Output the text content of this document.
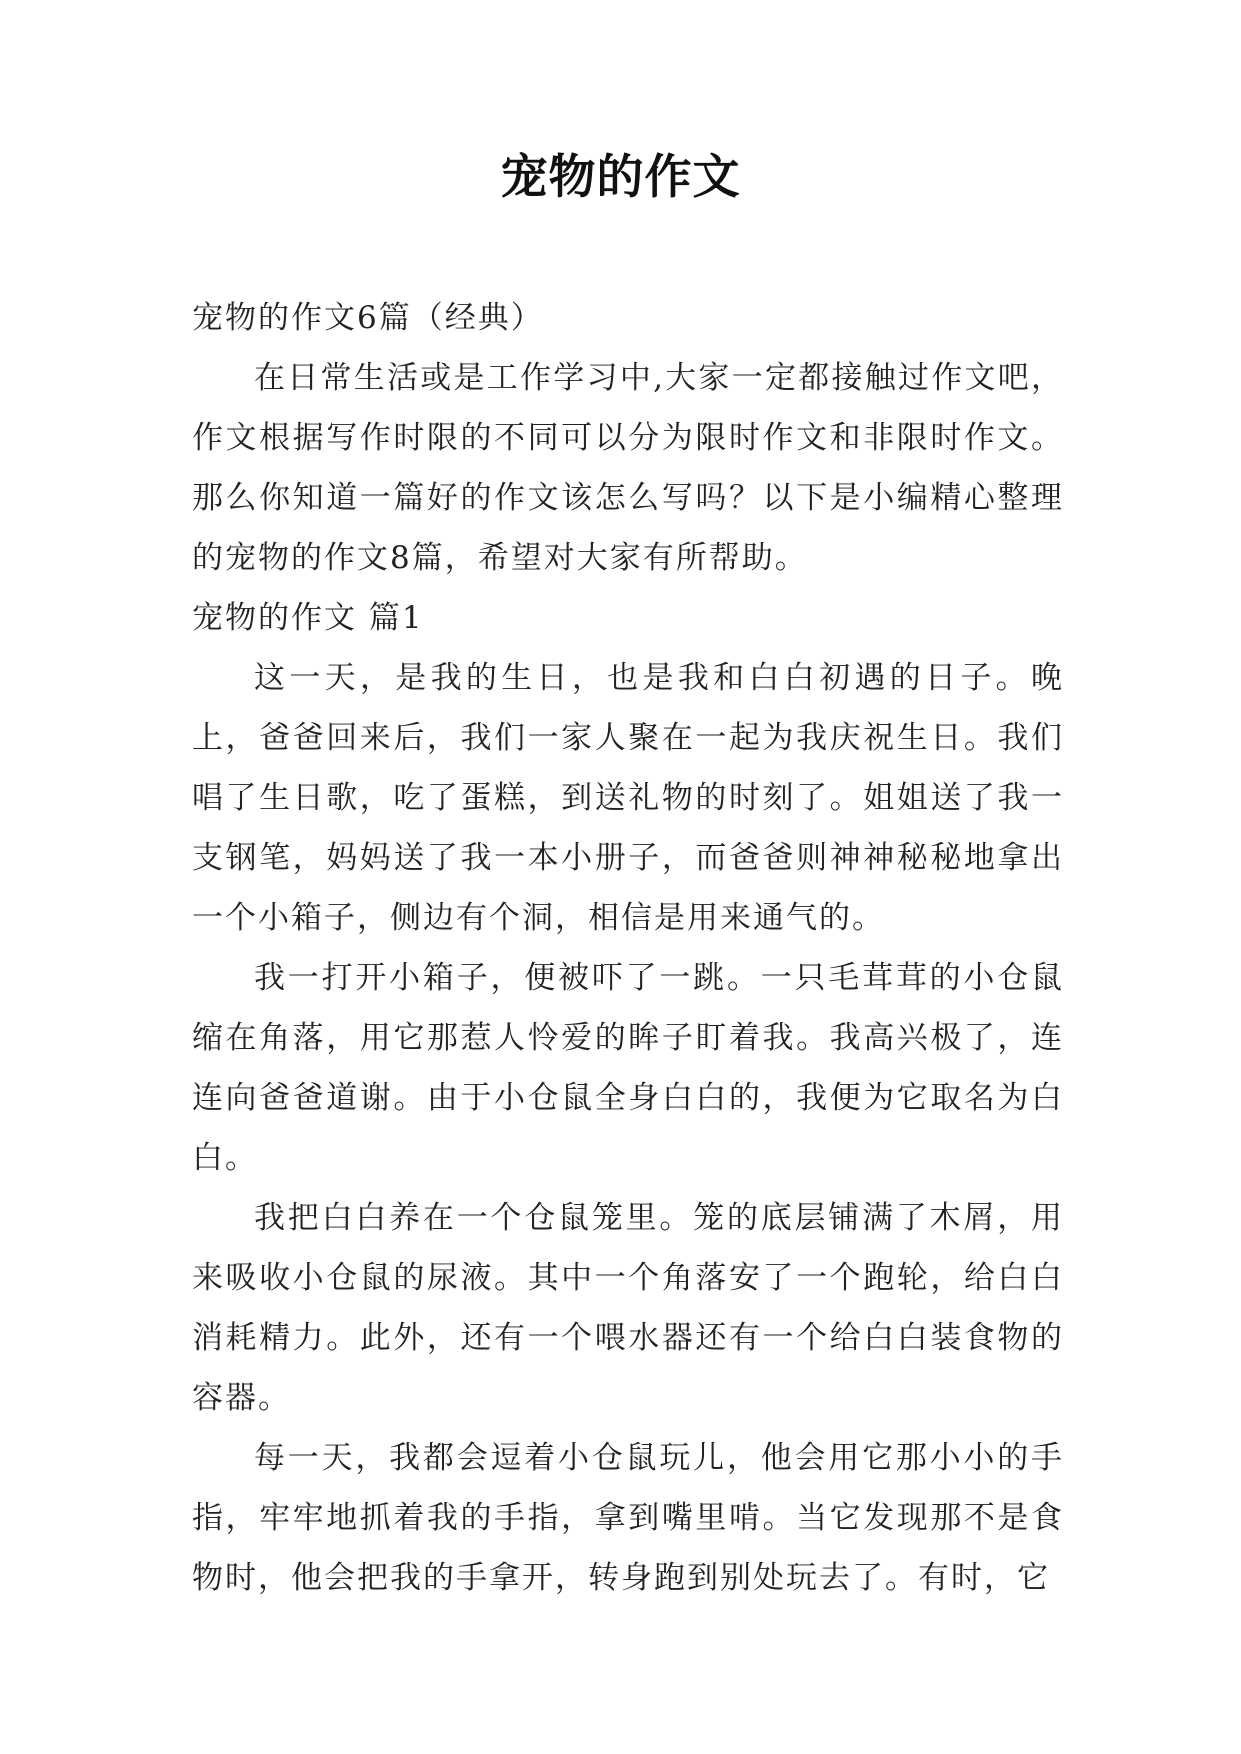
宠物的作文

宠物的作文6篇（经典）

在日常生活或是工作学习中,大家一定都接触过作文吧，作文根据写作时限的不同可以分为限时作文和非限时作文。那么你知道一篇好的作文该怎么写吗？以下是小编精心整理的宠物的作文8篇，希望对大家有所帮助。

宠物的作文 篇1

这一天，是我的生日，也是我和白白初遇的日子。晚上，爸爸回来后，我们一家人聚在一起为我庆祝生日。我们唱了生日歌，吃了蛋糕，到送礼物的时刻了。姐姐送了我一支钢笔，妈妈送了我一本小册子，而爸爸则神神秘秘地拿出一个小箱子，侧边有个洞，相信是用来通气的。

我一打开小箱子，便被吓了一跳。一只毛茸茸的小仓鼠缩在角落，用它那惹人怜爱的眸子盯着我。我高兴极了，连连向爸爸道谢。由于小仓鼠全身白白的，我便为它取名为白白。

我把白白养在一个仓鼠笼里。笼的底层铺满了木屑，用来吸收小仓鼠的尿液。其中一个角落安了一个跑轮，给白白消耗精力。此外，还有一个喂水器还有一个给白白装食物的容器。

每一天，我都会逗着小仓鼠玩儿，他会用它那小小的手指，牢牢地抓着我的手指，拿到嘴里啃。当它发现那不是食物时，他会把我的手拿开，转身跑到别处玩去了。有时，它
